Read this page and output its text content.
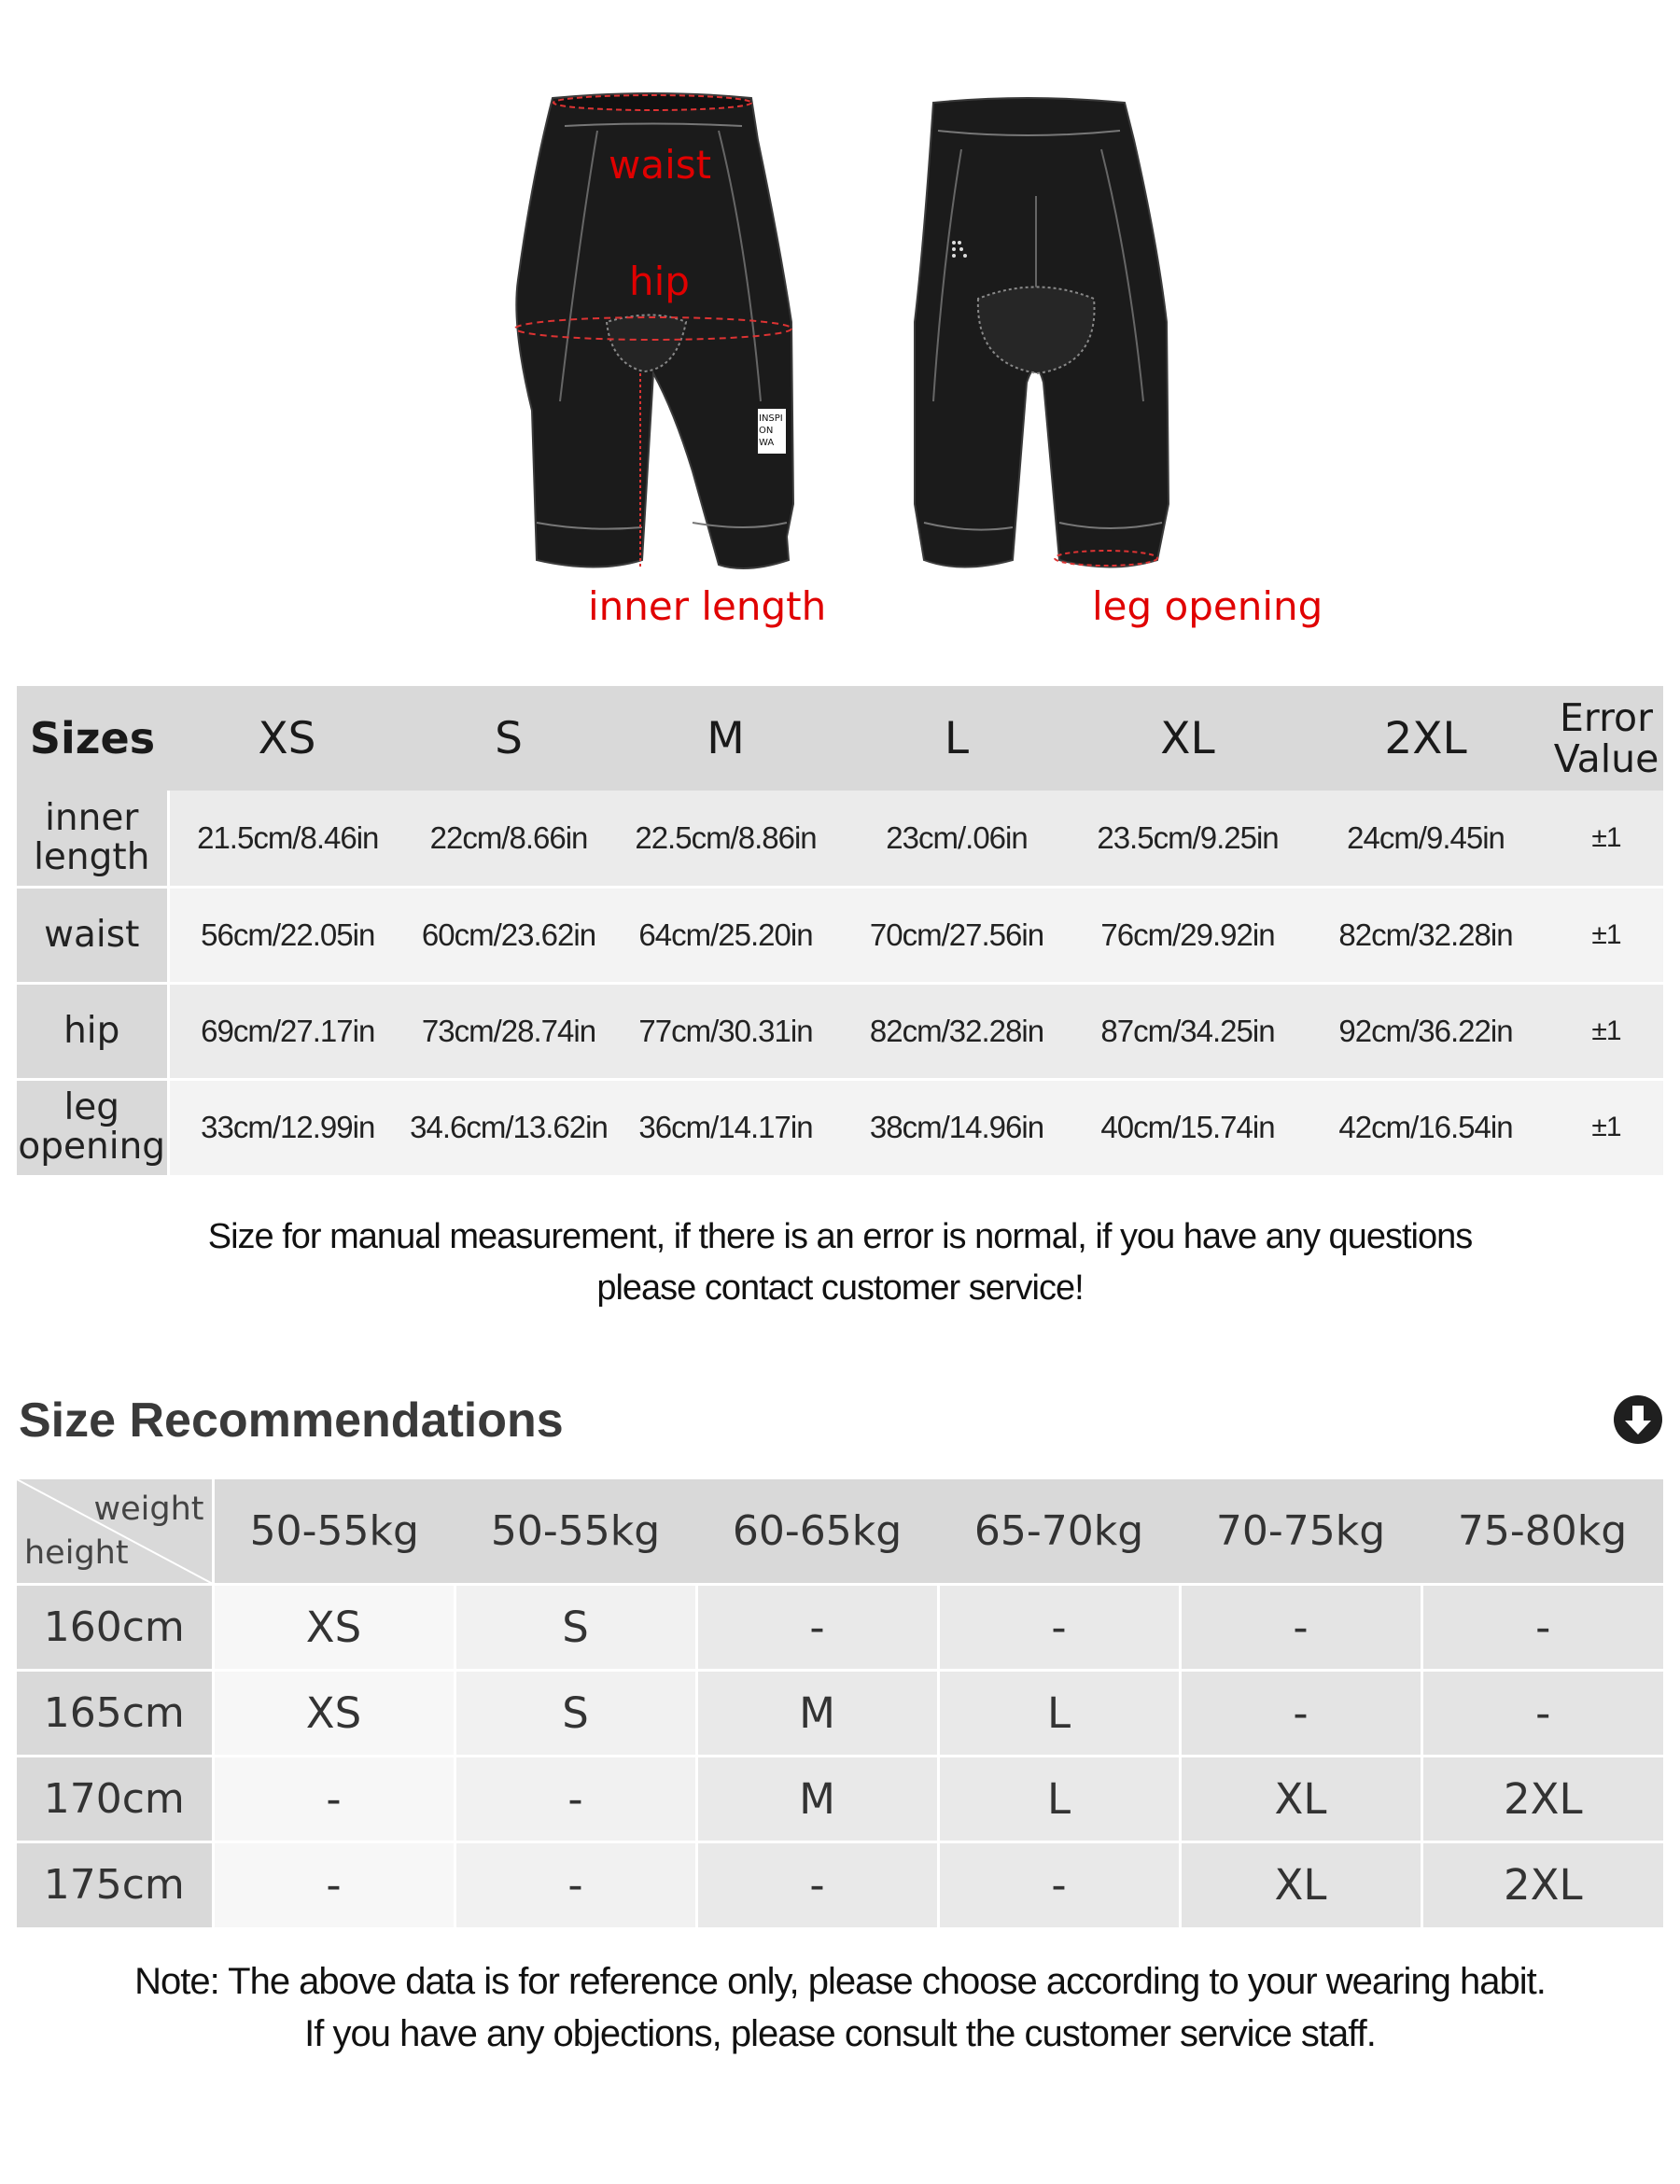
INSPI
ON
WA
waist
hip
inner length	leg opening
Sizes	XS	S	M	L	XL	2XL	Error
Value

inner
length	21.5cm/8.46in	22cm/8.66in	22.5cm/8.86in	23cm/.06in	23.5cm/9.25in	24cm/9.45in	±1

waist	56cm/22.05in	60cm/23.62in	64cm/25.20in	70cm/27.56in	76cm/29.92in	82cm/32.28in	±1

hip	69cm/27.17in	73cm/28.74in	77cm/30.31in	82cm/32.28in	87cm/34.25in	92cm/36.22in	±1

leg
opening	33cm/12.99in	34.6cm/13.62in	36cm/14.17in	38cm/14.96in	40cm/15.74in	42cm/16.54in	±1
Size for manual measurement, if there is an error is normal, if you have any questions
please contact customer service!
Size Recommendations
weight
height	50-55kg	50-55kg	60-65kg	65-70kg	70-75kg	75-80kg
160cm	XS	S	-	-	-	-
165cm	XS	S	M	L	-	-
170cm	-	-	M	L	XL	2XL
175cm	-	-	-	-	XL	2XL
Note: The above data is for reference only, please choose according to your wearing habit.
If you have any objections, please consult the customer service staff.
